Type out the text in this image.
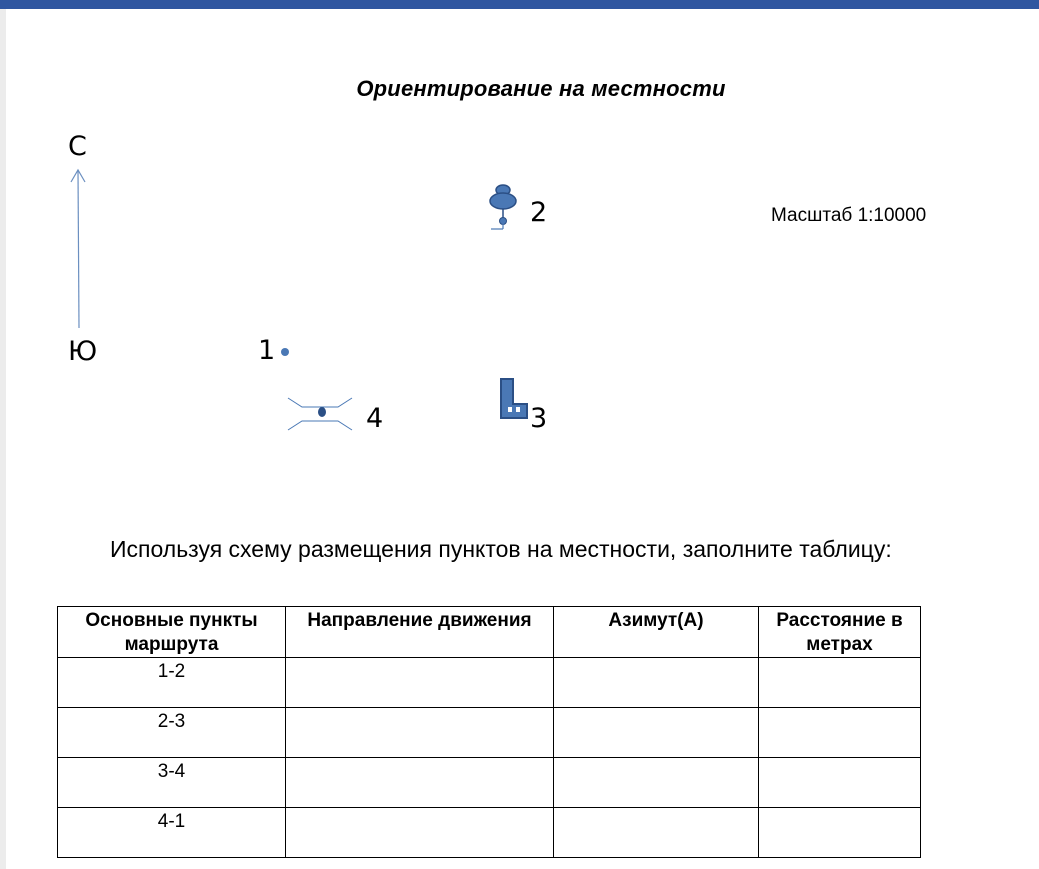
Ориентирование на местности
С
Ю	1
2
3
4
Масштаб 1:10000
Используя схему размещения пунктов на местности, заполните таблицу:
Основные пункты маршрута	Направление движения	Азимут(А)	Расстояние в метрах
1-2			
2-3			
3-4			
4-1			
